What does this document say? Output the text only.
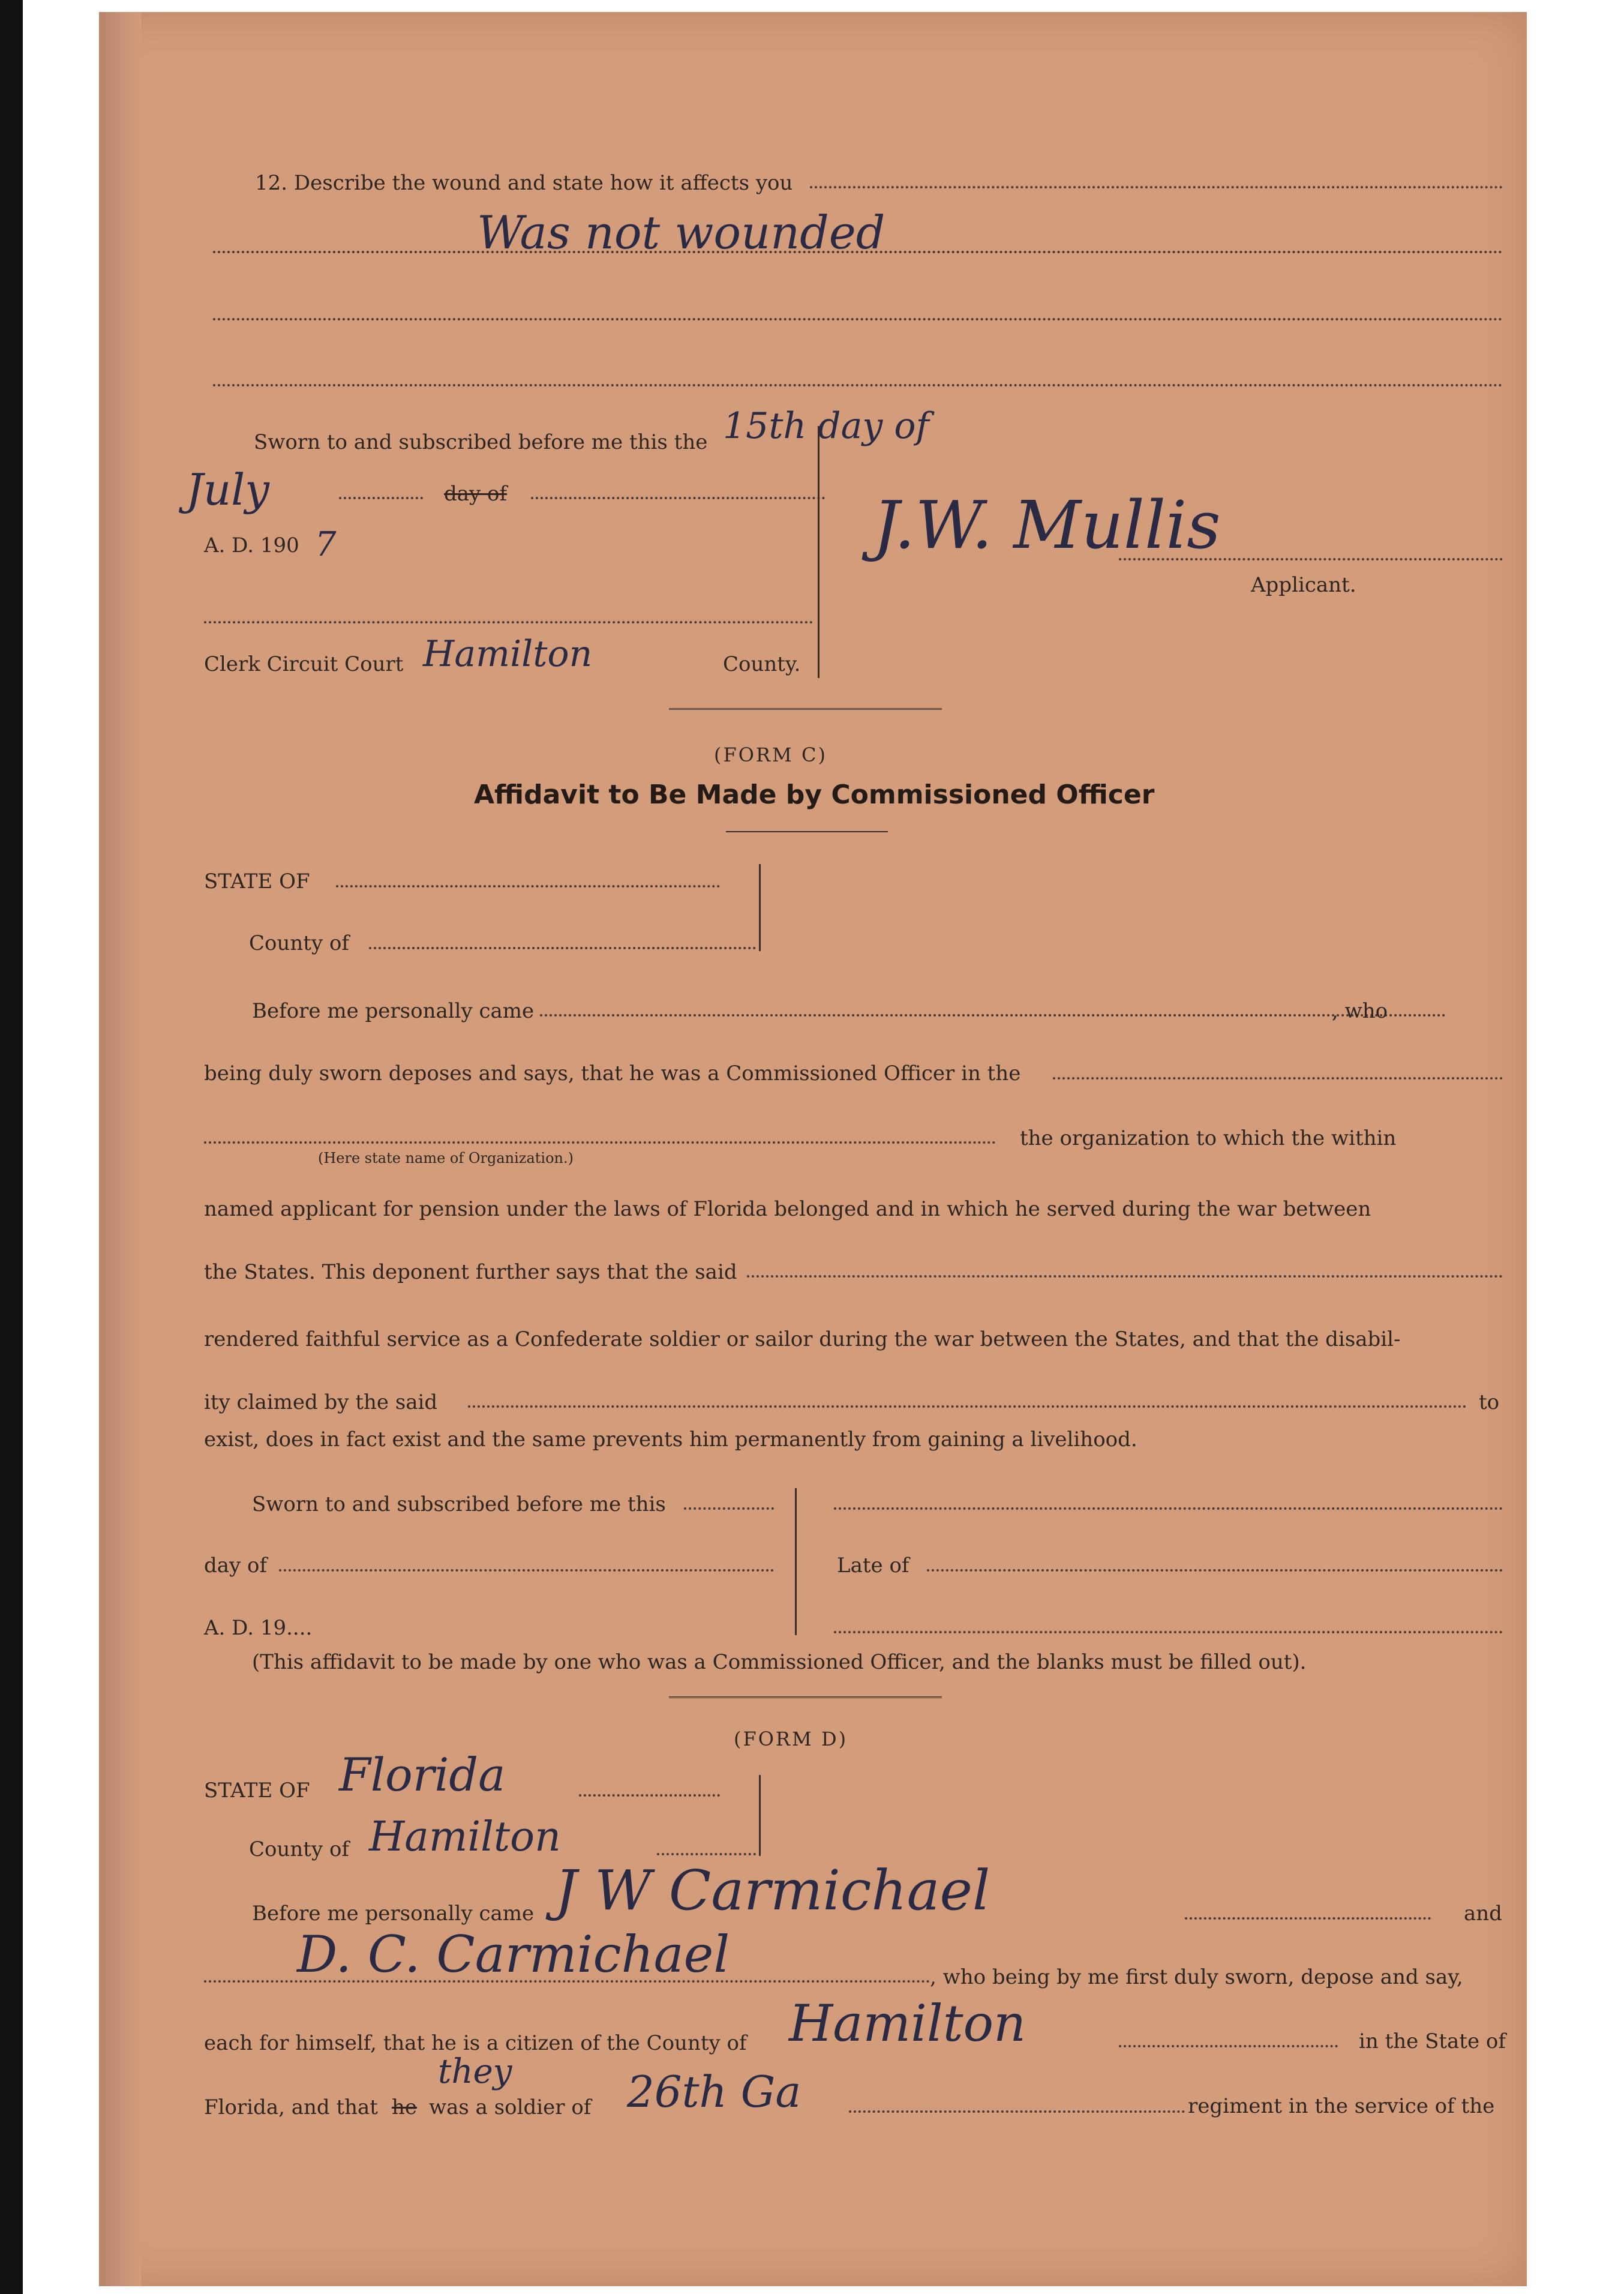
12. Describe the wound and state how it affects you
Was not wounded
Sworn to and subscribed before me this the 15th day of
July	day of
A. D. 190 7	J.W. Mullis
Applicant.
Clerk Circuit Court Hamilton	County.
(FORM C)
Affidavit to Be Made by Commissioned Officer
STATE OF
County of
Before me personally came	, who
being duly sworn deposes and says, that he was a Commissioned Officer in the
the organization to which the within
(Here state name of Organization.)
named applicant for pension under the laws of Florida belonged and in which he served during the war between
the States. This deponent further says that the said
rendered faithful service as a Confederate soldier or sailor during the war between the States, and that the disabil-
ity claimed by the said	to
exist, does in fact exist and the same prevents him permanently from gaining a livelihood.
Sworn to and subscribed before me this
day of	Late of
A. D. 19....
(This affidavit to be made by one who was a Commissioned Officer, and the blanks must be filled out).
(FORM D)
STATE OF Florida
County of Hamilton
Before me personally came J W Carmichael	and
D. C. Carmichael	, who being by me first duly sworn, depose and say,
each for himself, that he is a citizen of the County of Hamilton	in the State of
Florida, and that
they
he was a soldier of 26th Ga	regiment in the service of the
